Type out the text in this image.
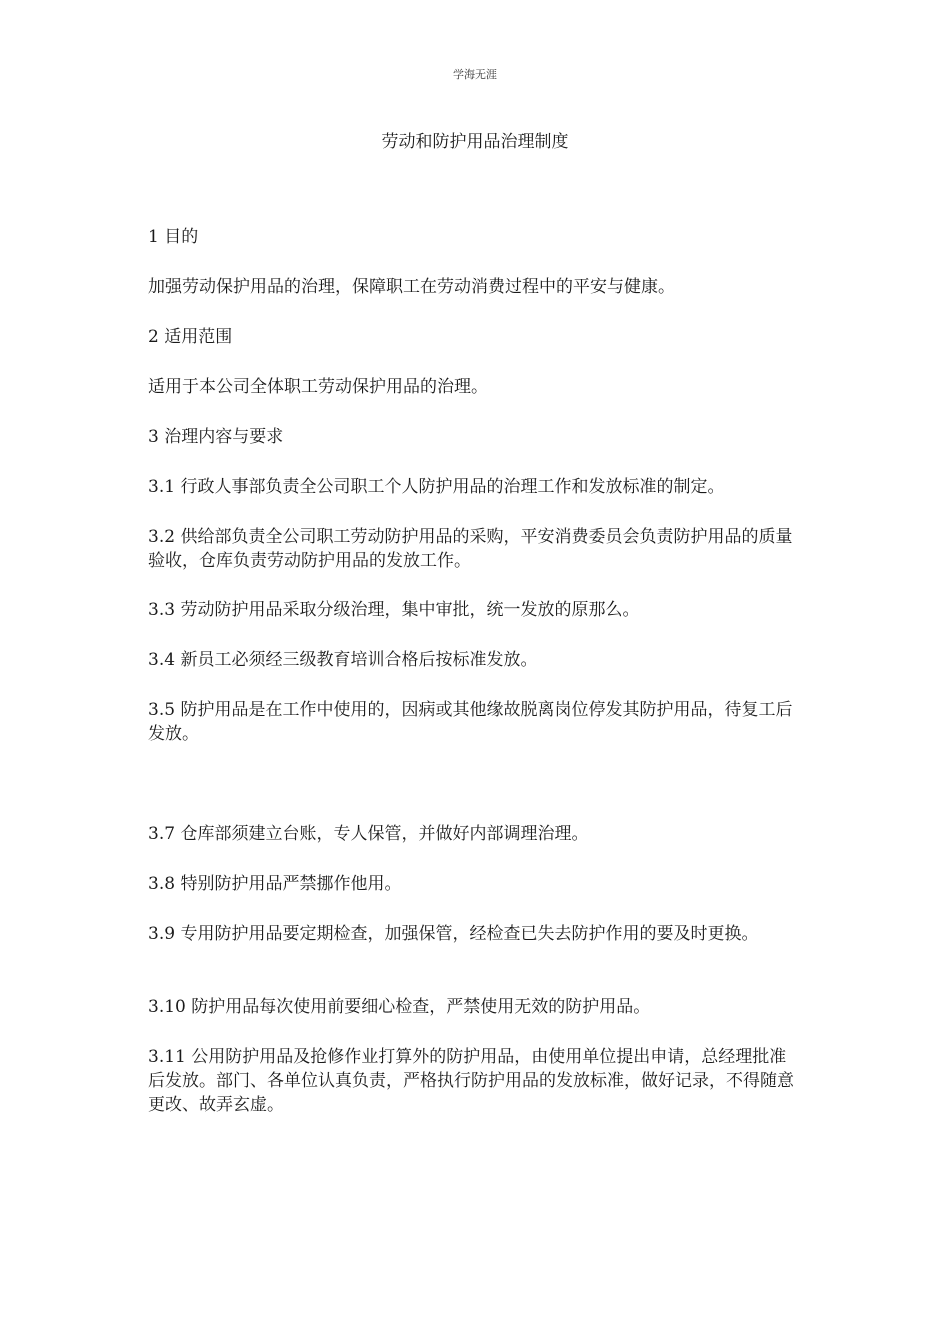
学海无涯
劳动和防护用品治理制度

1 目的

加强劳动保护用品的治理，保障职工在劳动消费过程中的平安与健康。

2 适用范围

适用于本公司全体职工劳动保护用品的治理。

3 治理内容与要求

3.1 行政人事部负责全公司职工个人防护用品的治理工作和发放标准的制定。

3.2 供给部负责全公司职工劳动防护用品的采购，平安消费委员会负责防护用品的质量验收，仓库负责劳动防护用品的发放工作。

3.3 劳动防护用品采取分级治理，集中审批，统一发放的原那么。

3.4 新员工必须经三级教育培训合格后按标准发放。

3.5 防护用品是在工作中使用的，因病或其他缘故脱离岗位停发其防护用品，待复工后发放。

3.7 仓库部须建立台账，专人保管，并做好内部调理治理。

3.8 特别防护用品严禁挪作他用。

3.9 专用防护用品要定期检查，加强保管，经检查已失去防护作用的要及时更换。

3.10 防护用品每次使用前要细心检查，严禁使用无效的防护用品。

3.11 公用防护用品及抢修作业打算外的防护用品，由使用单位提出申请，总经理批准后发放。部门、各单位认真负责，严格执行防护用品的发放标准，做好记录，不得随意更改、故弄玄虚。
